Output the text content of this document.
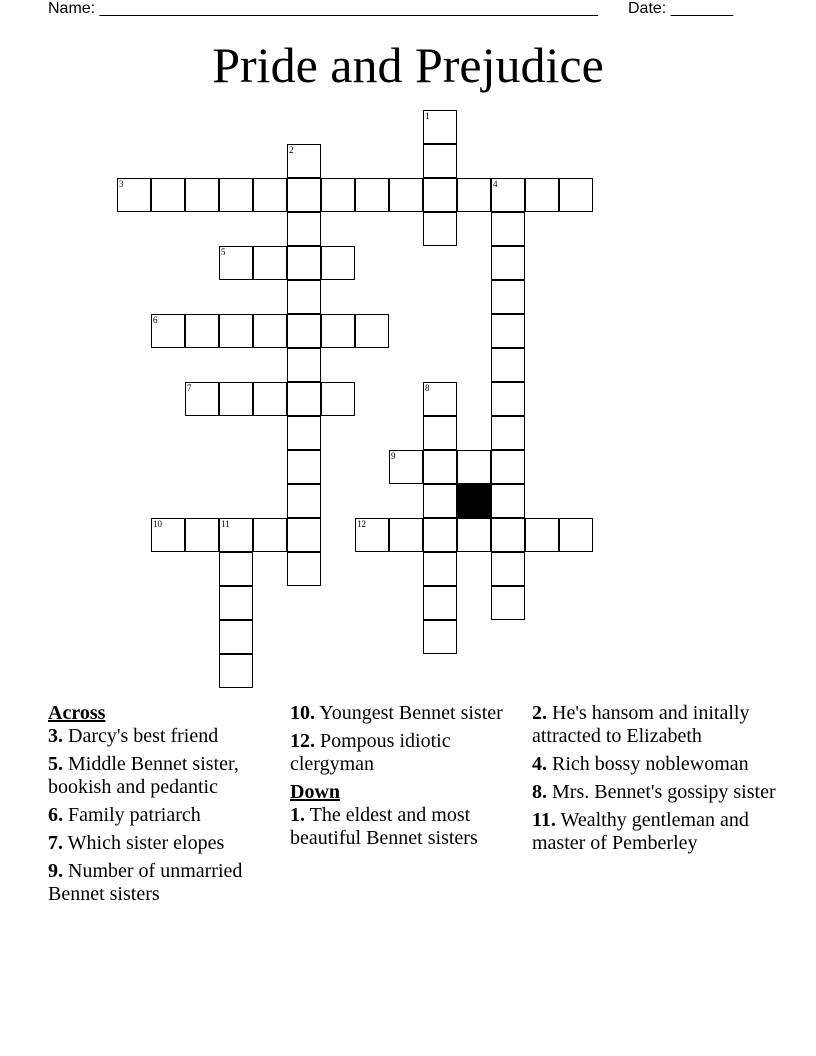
Name: ________________________________________________________ Date: _______
Pride and Prejudice
1
2
3	4
5
6
7	8
9
10	11	12

Across

3. Darcy's best friend

5. Middle Bennet sister, bookish and pedantic

6. Family patriarch

7. Which sister elopes

9. Number of unmarried Bennet sisters

10. Youngest Bennet sister

12. Pompous idiotic clergyman

Down

1. The eldest and most beautiful Bennet sisters

2. He's hansom and initally attracted to Elizabeth

4. Rich bossy noblewoman

8. Mrs. Bennet's gossipy sister

11. Wealthy gentleman and master of Pemberley
